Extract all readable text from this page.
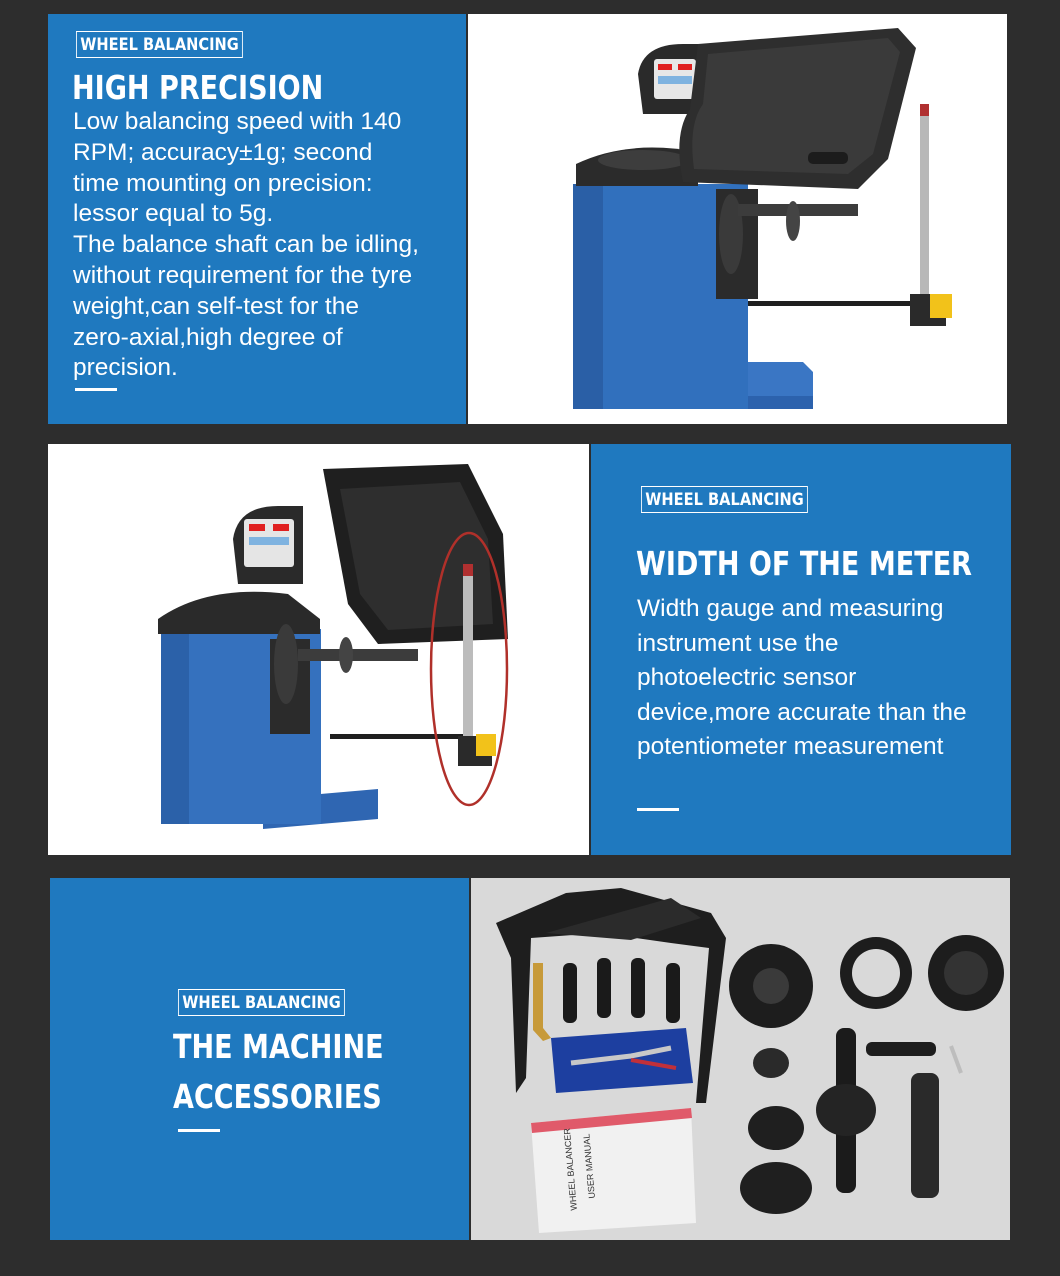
WHEEL BALANCING
HIGH PRECISION
Low balancing speed with 140
RPM; accuracy±1g; second
time mounting on precision:
lessor equal to 5g.
The balance shaft can be idling,
without requirement for the tyre
weight,can self-test for the
zero-axial,high degree of
precision.
WHEEL BALANCING
WIDTH OF THE METER
Width gauge and measuring
instrument use the
photoelectric sensor
device,more accurate than the
potentiometer measurement
WHEEL BALANCING
THE MACHINE
ACCESSORIES
WHEEL BALANCER USER MANUAL
